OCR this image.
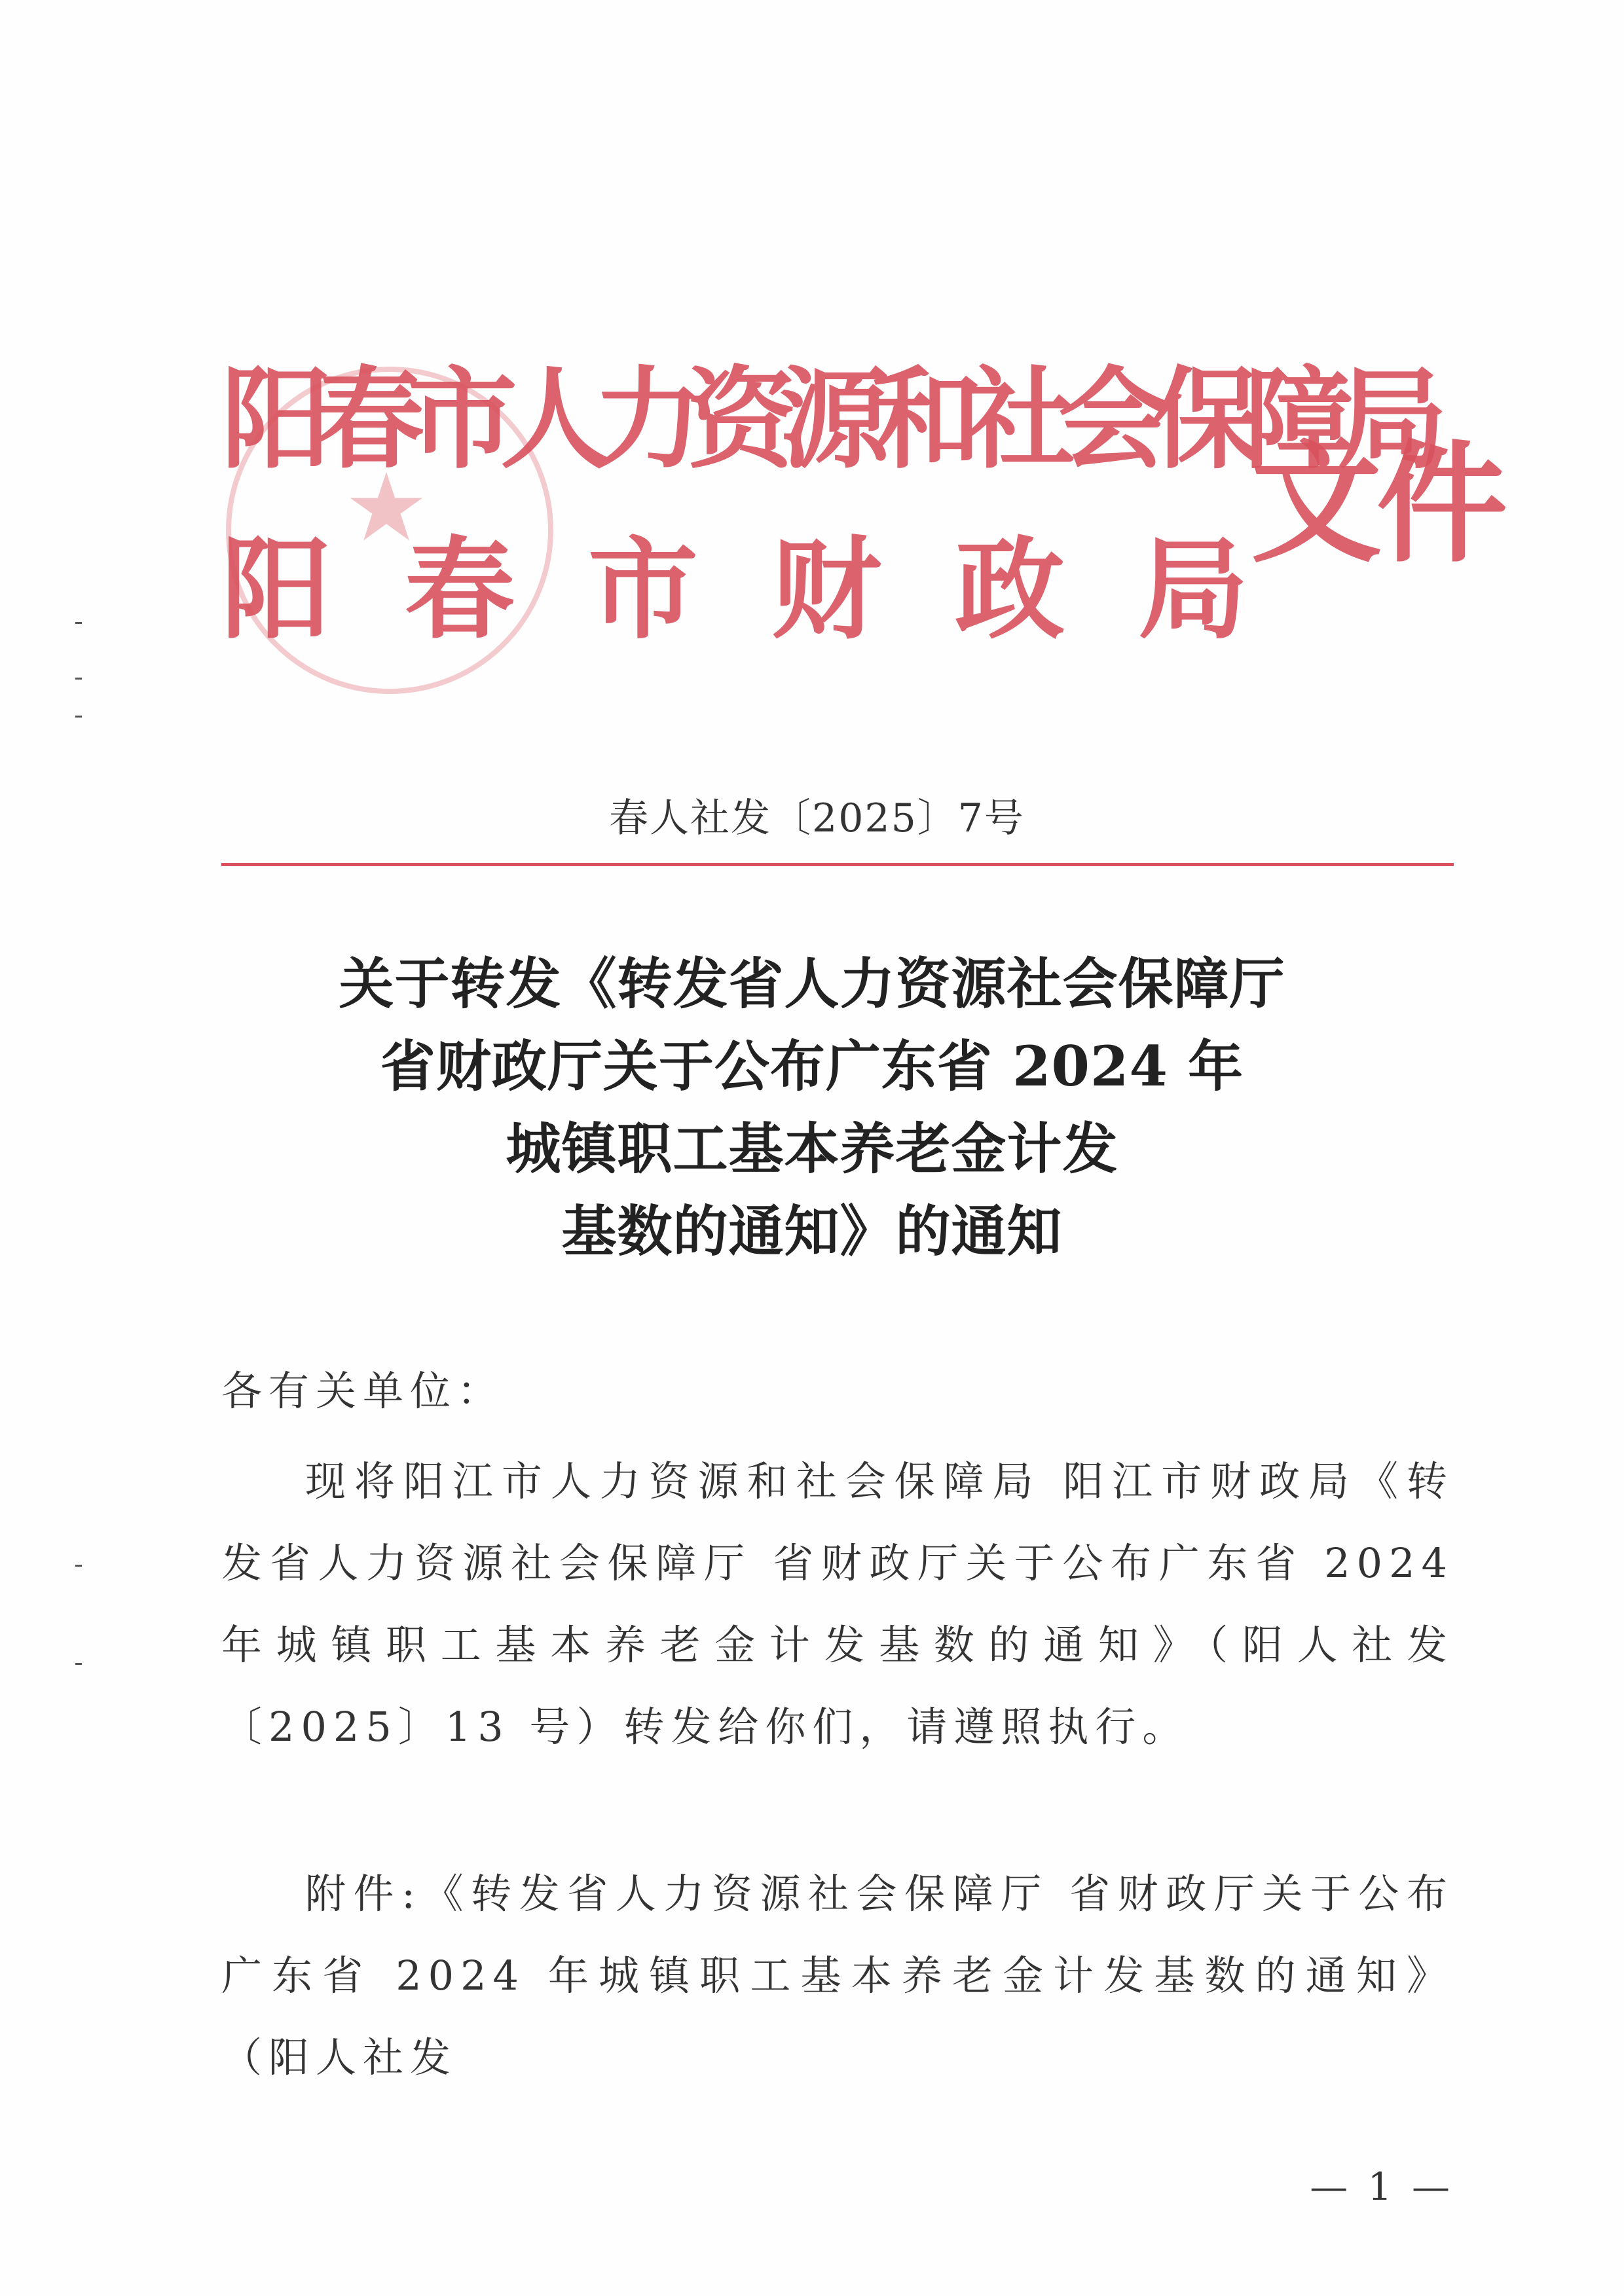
阳春市人力资源和社会保障局
阳春市财政局
文件
春人社发〔2025〕7号
关于转发《转发省人力资源社会保障厅
省财政厅关于公布广东省 2024 年
城镇职工基本养老金计发
基数的通知》的通知
各有关单位：
现将阳江市人力资源和社会保障局 阳江市财政局《转发省人力资源社会保障厅 省财政厅关于公布广东省 2024 年城镇职工基本养老金计发基数的通知》（阳人社发〔2025〕13 号）转发给你们，请遵照执行。
附件:《转发省人力资源社会保障厅 省财政厅关于公布广东省 2024 年城镇职工基本养老金计发基数的通知》（阳人社发
— 1 —
